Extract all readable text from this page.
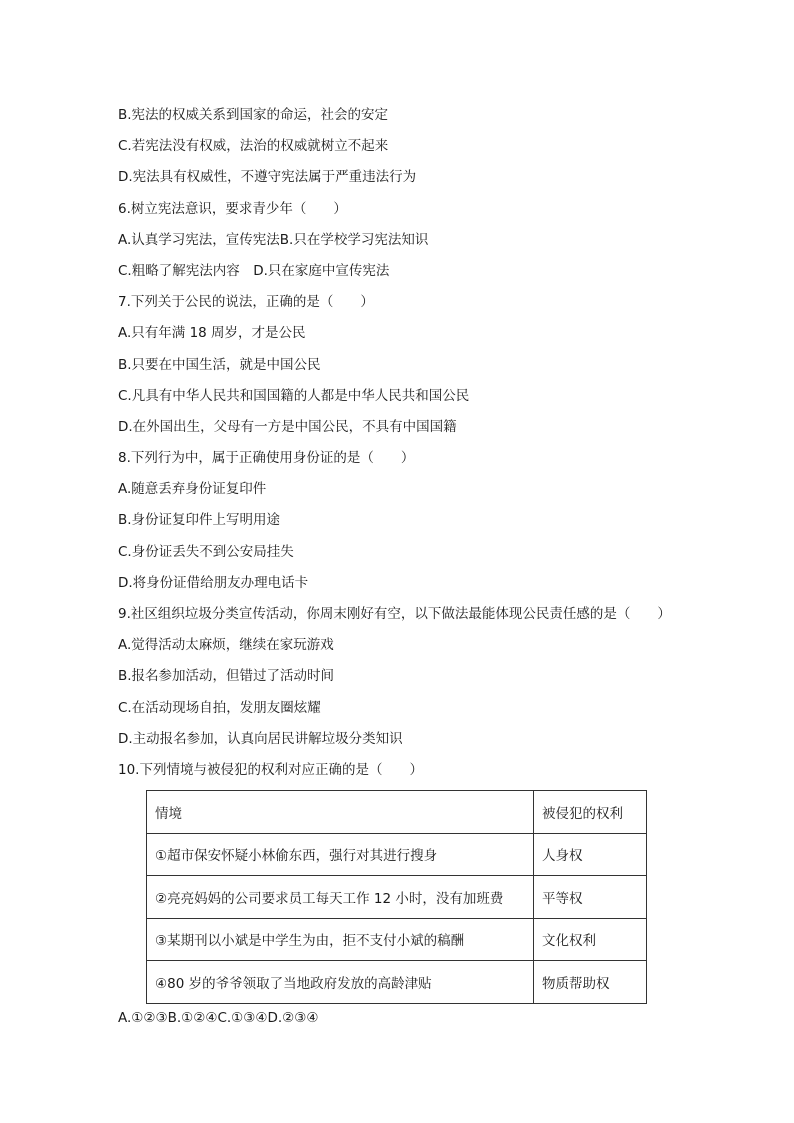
B.宪法的权威关系到国家的命运，社会的安定
C.若宪法没有权威，法治的权威就树立不起来
D.宪法具有权威性，不遵守宪法属于严重违法行为
6.树立宪法意识，要求青少年（　　）
A.认真学习宪法，宣传宪法B.只在学校学习宪法知识
C.粗略了解宪法内容　D.只在家庭中宣传宪法
7.下列关于公民的说法，正确的是（　　）
A.只有年满 18 周岁，才是公民
B.只要在中国生活，就是中国公民
C.凡具有中华人民共和国国籍的人都是中华人民共和国公民
D.在外国出生，父母有一方是中国公民，不具有中国国籍
8.下列行为中，属于正确使用身份证的是（　　）
A.随意丢弃身份证复印件
B.身份证复印件上写明用途
C.身份证丢失不到公安局挂失
D.将身份证借给朋友办理电话卡
9.社区组织垃圾分类宣传活动，你周末刚好有空，以下做法最能体现公民责任感的是（　　）
A.觉得活动太麻烦，继续在家玩游戏
B.报名参加活动，但错过了活动时间
C.在活动现场自拍，发朋友圈炫耀
D.主动报名参加，认真向居民讲解垃圾分类知识
10.下列情境与被侵犯的权利对应正确的是（　　）
情境	被侵犯的权利
①超市保安怀疑小林偷东西，强行对其进行搜身	人身权
②亮亮妈妈的公司要求员工每天工作 12 小时，没有加班费	平等权
③某期刊以小斌是中学生为由，拒不支付小斌的稿酬	文化权利
④80 岁的爷爷领取了当地政府发放的高龄津贴	物质帮助权
A.①②③B.①②④C.①③④D.②③④
